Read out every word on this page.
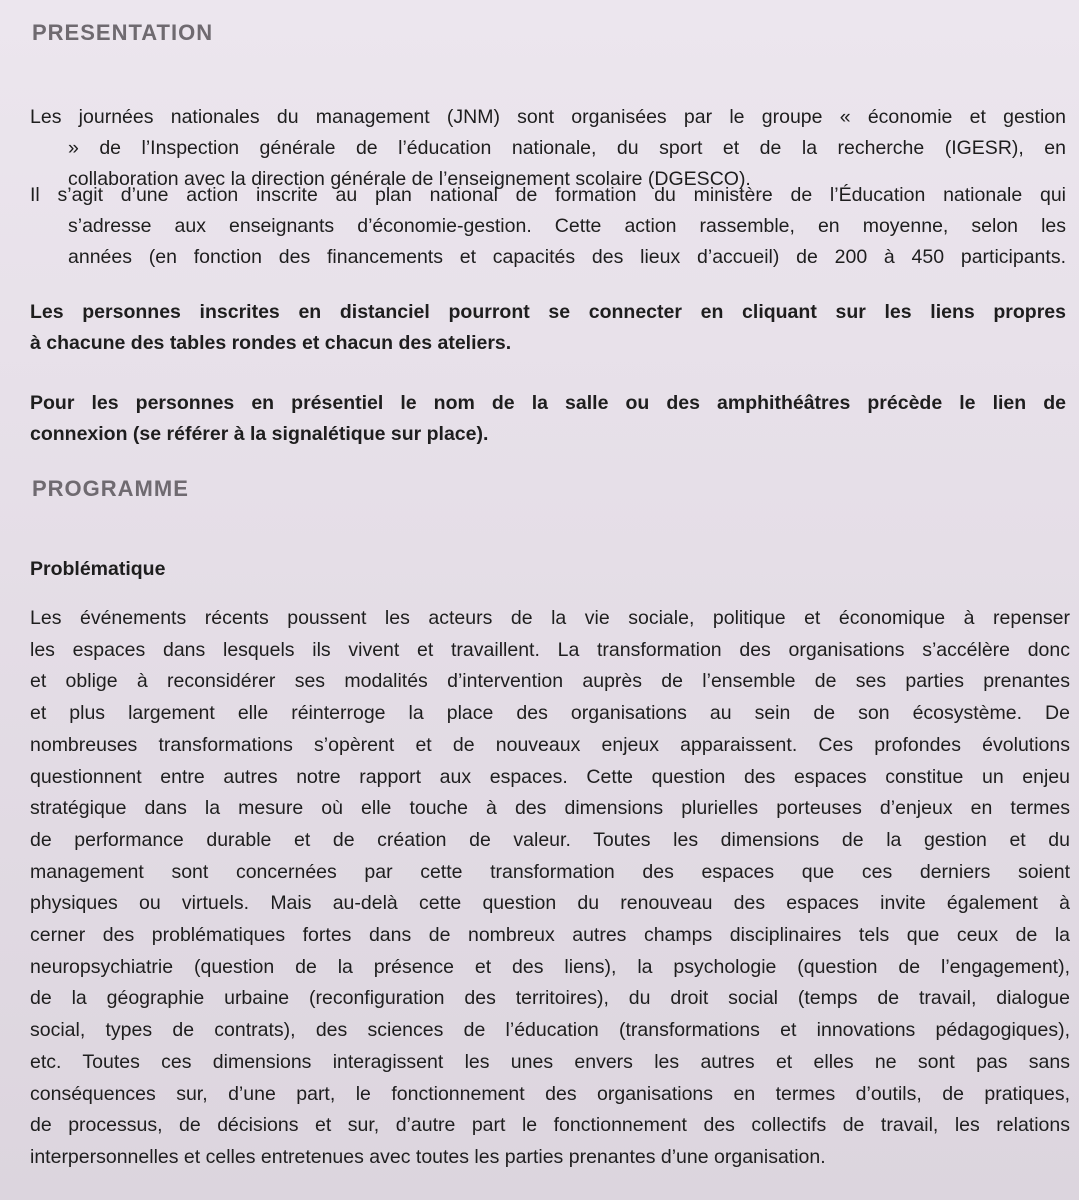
PRESENTATION
Les journées nationales du management (JNM) sont organisées par le groupe « économie et gestion
» de l’Inspection générale de l’éducation nationale, du sport et de la recherche (IGESR), en
collaboration avec la direction générale de l’enseignement scolaire (DGESCO).
Il s’agit d’une action inscrite au plan national de formation du ministère de l’Éducation nationale qui
s’adresse aux enseignants d’économie-gestion. Cette action rassemble, en moyenne, selon les
années (en fonction des financements et capacités des lieux d’accueil) de 200 à 450 participants.
Les personnes inscrites en distanciel pourront se connecter en cliquant sur les liens propres
à chacune des tables rondes et chacun des ateliers.
Pour les personnes en présentiel le nom de la salle ou des amphithéâtres précède le lien de
connexion (se référer à la signalétique sur place).
PROGRAMME
Problématique
Les événements récents poussent les acteurs de la vie sociale, politique et économique à repenser
les espaces dans lesquels ils vivent et travaillent. La transformation des organisations s’accélère donc
et oblige à reconsidérer ses modalités d’intervention auprès de l’ensemble de ses parties prenantes
et plus largement elle réinterroge la place des organisations au sein de son écosystème. De
nombreuses transformations s’opèrent et de nouveaux enjeux apparaissent. Ces profondes évolutions
questionnent entre autres notre rapport aux espaces. Cette question des espaces constitue un enjeu
stratégique dans la mesure où elle touche à des dimensions plurielles porteuses d’enjeux en termes
de performance durable et de création de valeur. Toutes les dimensions de la gestion et du
management sont concernées par cette transformation des espaces que ces derniers soient
physiques ou virtuels. Mais au-delà cette question du renouveau des espaces invite également à
cerner des problématiques fortes dans de nombreux autres champs disciplinaires tels que ceux de la
neuropsychiatrie (question de la présence et des liens), la psychologie (question de l’engagement),
de la géographie urbaine (reconfiguration des territoires), du droit social (temps de travail, dialogue
social, types de contrats), des sciences de l’éducation (transformations et innovations pédagogiques),
etc. Toutes ces dimensions interagissent les unes envers les autres et elles ne sont pas sans
conséquences sur, d’une part, le fonctionnement des organisations en termes d’outils, de pratiques,
de processus, de décisions et sur, d’autre part le fonctionnement des collectifs de travail, les relations
interpersonnelles et celles entretenues avec toutes les parties prenantes d’une organisation.
